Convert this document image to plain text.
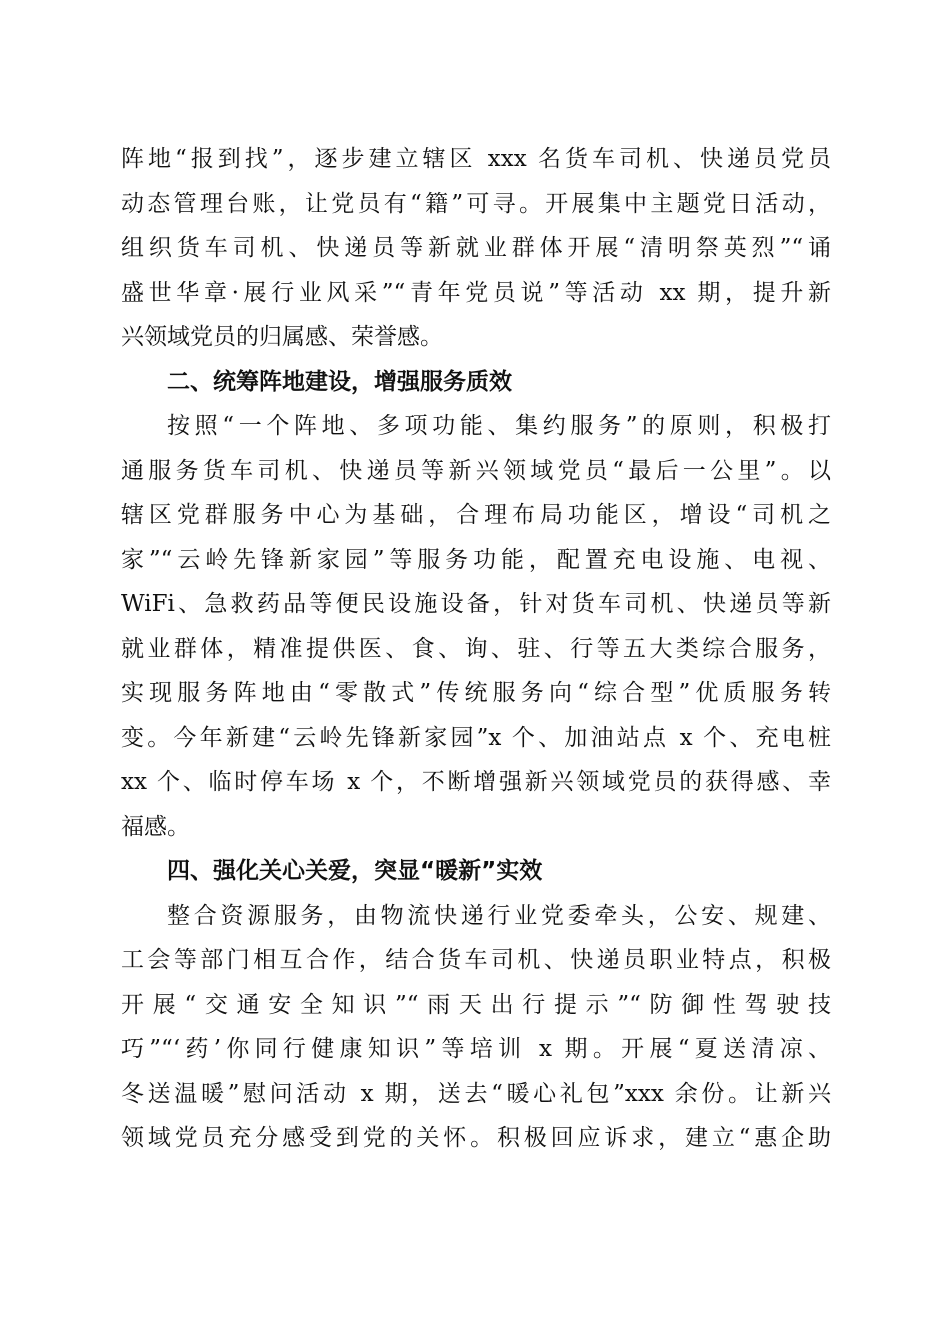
阵地“报到找”，逐步建立辖区 xxx 名货车司机、快递员党员
动态管理台账，让党员有“籍”可寻。开展集中主题党日活动，
组织货车司机、快递员等新就业群体开展“清明祭英烈”“诵
盛世华章·展行业风采”“青年党员说”等活动 xx 期，提升新
兴领域党员的归属感、荣誉感。
二、统筹阵地建设，增强服务质效
按照“一个阵地、多项功能、集约服务”的原则，积极打
通服务货车司机、快递员等新兴领域党员“最后一公里”。以
辖区党群服务中心为基础，合理布局功能区，增设“司机之
家”“云岭先锋新家园”等服务功能，配置充电设施、电视、
WiFi、急救药品等便民设施设备，针对货车司机、快递员等新
就业群体，精准提供医、食、询、驻、行等五大类综合服务，
实现服务阵地由“零散式”传统服务向“综合型”优质服务转
变。今年新建“云岭先锋新家园”x 个、加油站点 x 个、充电桩
xx 个、临时停车场 x 个，不断增强新兴领域党员的获得感、幸
福感。
四、强化关心关爱，突显“暖新”实效
整合资源服务，由物流快递行业党委牵头，公安、规建、
工会等部门相互合作，结合货车司机、快递员职业特点，积极
开展“交通安全知识”“雨天出行提示”“防御性驾驶技
巧”“‘药’你同行健康知识”等培训 x 期。开展“夏送清凉、
冬送温暖”慰问活动 x 期，送去“暖心礼包”xxx 余份。让新兴
领域党员充分感受到党的关怀。积极回应诉求，建立“惠企助
